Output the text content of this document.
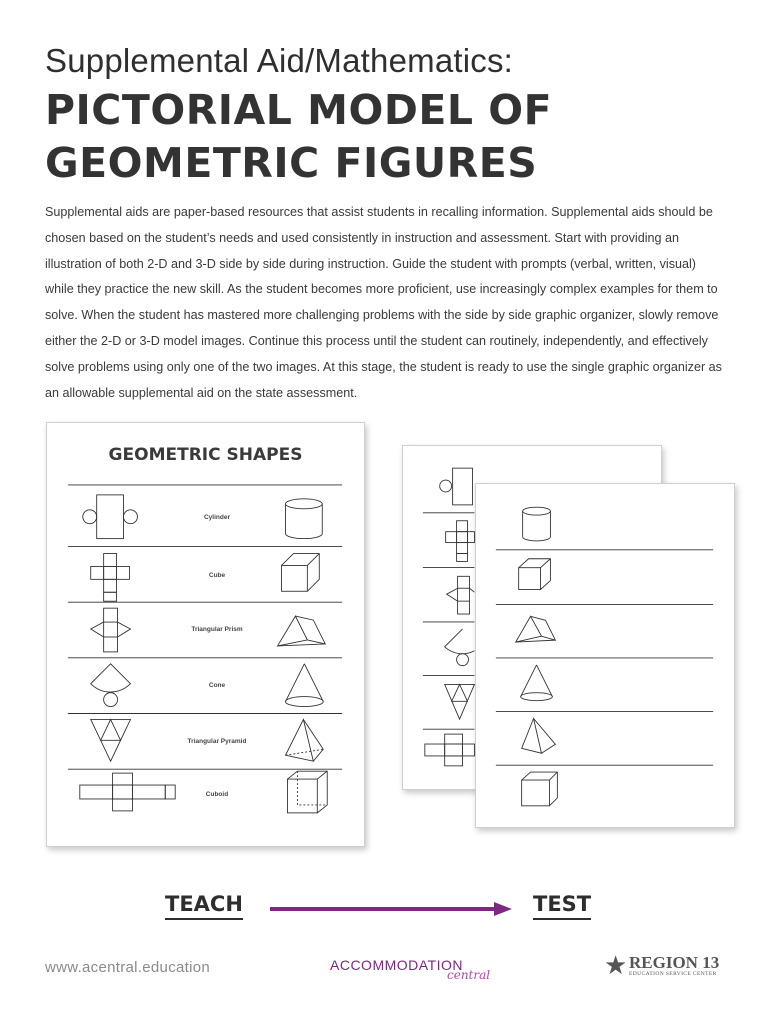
Supplemental Aid/Mathematics:
PICTORIAL MODEL OF
GEOMETRIC FIGURES

Supplemental aids are paper-based resources that assist students in recalling information. Supplemental aids should be chosen based on the student’s needs and used consistently in instruction and assessment. Start with providing an illustration of both 2-D and 3-D side by side during instruction. Guide the student with prompts (verbal, written, visual) while they practice the new skill. As the student becomes more proficient, use increasingly complex examples for them to solve. When the student has mastered more challenging problems with the side by side graphic organizer, slowly remove either the 2-D or 3-D model images. Continue this process until the student can routinely, independently, and effectively solve problems using only one of the two images. At this stage, the student is ready to use the single graphic organizer as an allowable supplemental aid on the state assessment.

GEOMETRIC SHAPES
Cylinder
Cube
Triangular Prism
Cone
Triangular Pyramid
Cuboid
TEACH	TEST
www.acentral.education	ACCOMMODATION
central	★ REGION 13
EDUCATION SERVICE CENTER
